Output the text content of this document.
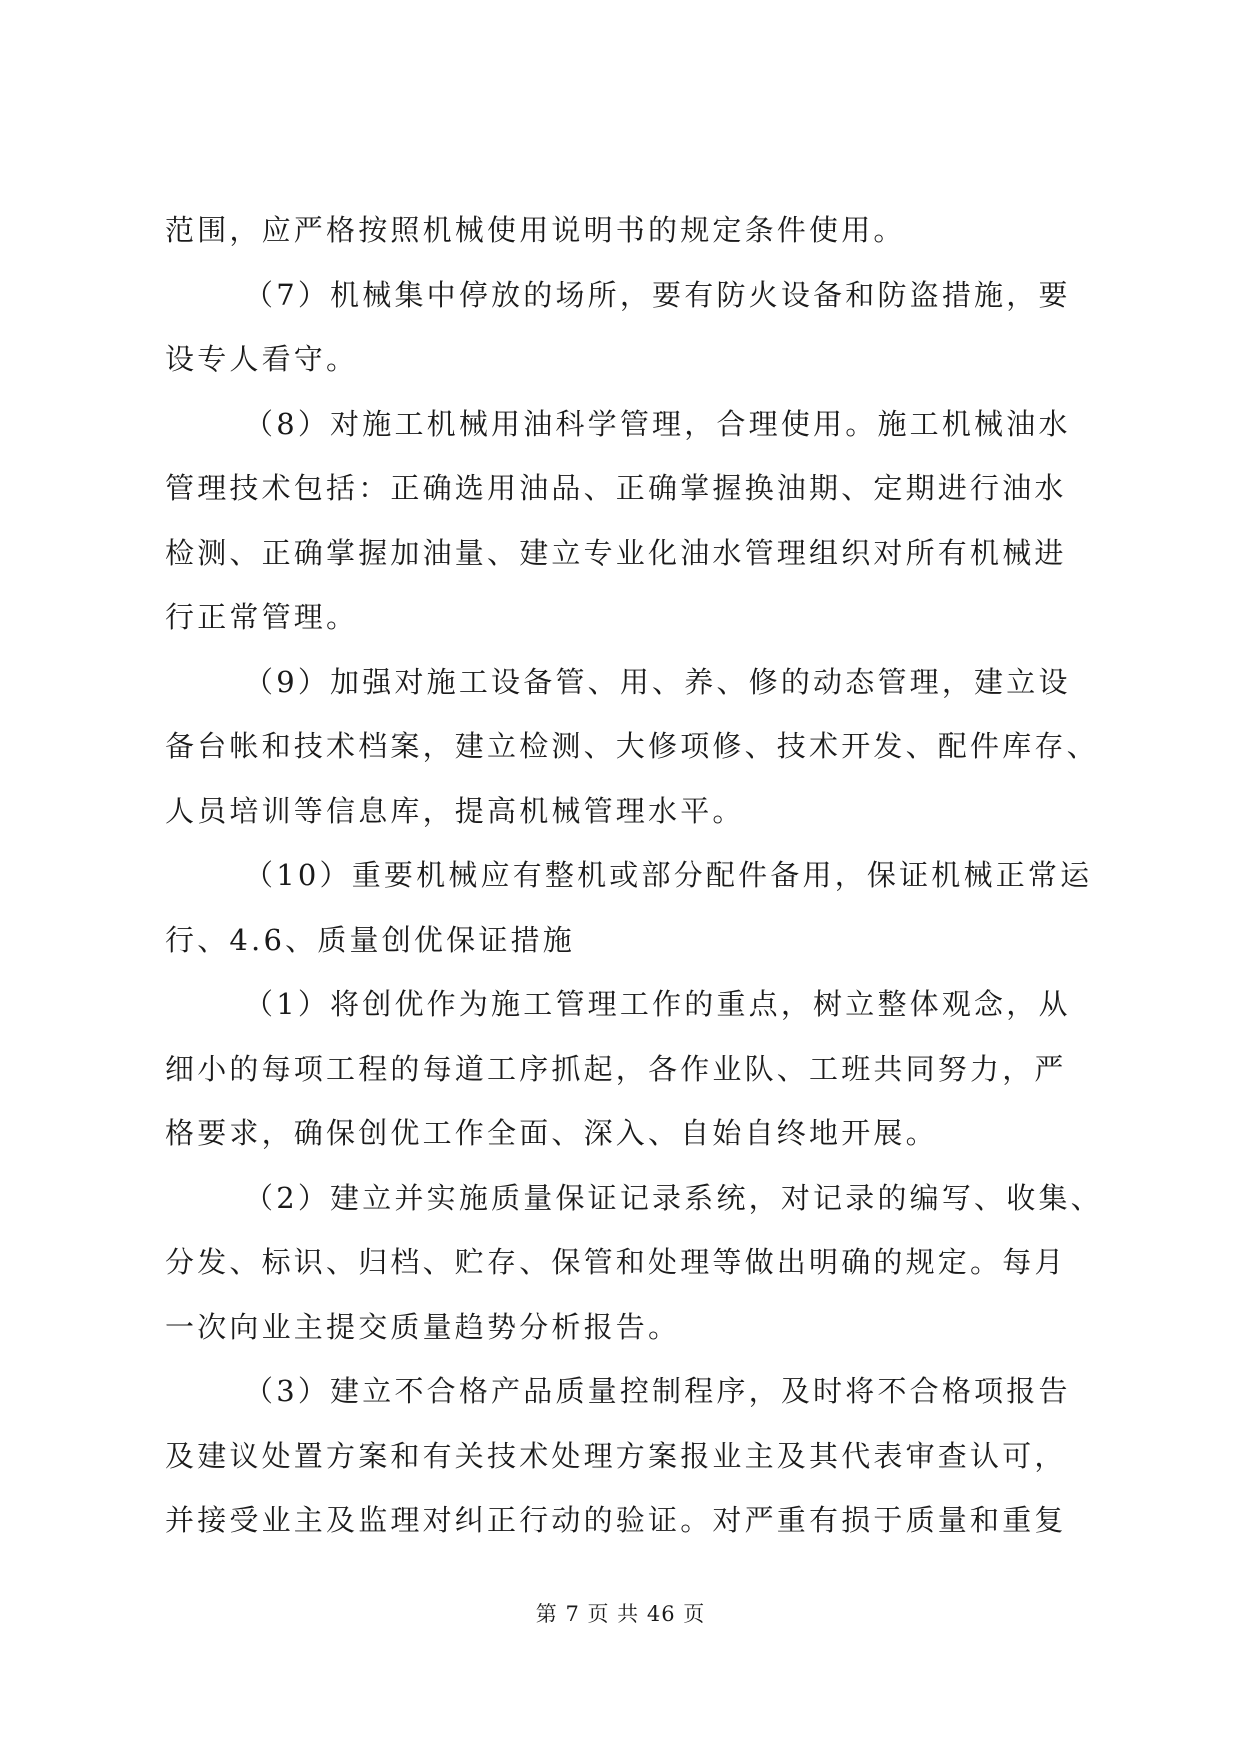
范围，应严格按照机械使用说明书的规定条件使用。
（7）机械集中停放的场所，要有防火设备和防盗措施，要
设专人看守。
（8）对施工机械用油科学管理，合理使用。施工机械油水
管理技术包括：正确选用油品、正确掌握换油期、定期进行油水
检测、正确掌握加油量、建立专业化油水管理组织对所有机械进
行正常管理。
（9）加强对施工设备管、用、养、修的动态管理，建立设
备台帐和技术档案，建立检测、大修项修、技术开发、配件库存、
人员培训等信息库，提高机械管理水平。
（10）重要机械应有整机或部分配件备用，保证机械正常运
行、4.6、质量创优保证措施
（1）将创优作为施工管理工作的重点，树立整体观念，从
细小的每项工程的每道工序抓起，各作业队、工班共同努力，严
格要求，确保创优工作全面、深入、自始自终地开展。
（2）建立并实施质量保证记录系统，对记录的编写、收集、
分发、标识、归档、贮存、保管和处理等做出明确的规定。每月
一次向业主提交质量趋势分析报告。
（3）建立不合格产品质量控制程序，及时将不合格项报告
及建议处置方案和有关技术处理方案报业主及其代表审查认可，
并接受业主及监理对纠正行动的验证。对严重有损于质量和重复
第 7 页 共 46 页
